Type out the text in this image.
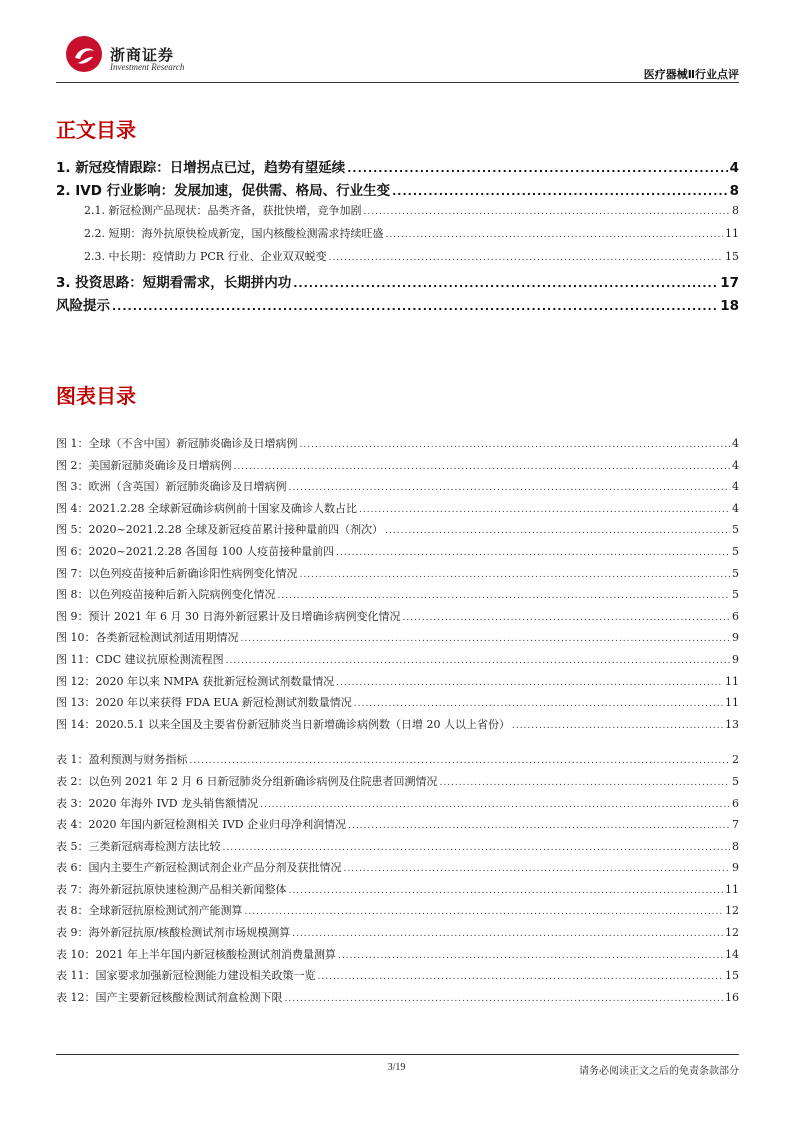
浙商证券
Investment Research
医疗器械Ⅱ行业点评
正文目录
1. 新冠疫情跟踪：日增拐点已过，趋势有望延续 .....	4
2. IVD 行业影响：发展加速，促供需、格局、行业生变 .....	8
2.1. 新冠检测产品现状：品类齐备，获批快增，竞争加剧 .....	8
2.2. 短期：海外抗原快检成新宠，国内核酸检测需求持续旺盛 .....	11
2.3. 中长期：疫情助力 PCR 行业、企业双双蜕变 .....	15
3. 投资思路：短期看需求，长期拼内功 .....	17
风险提示 .....	18
图表目录
图 1：全球（不含中国）新冠肺炎确诊及日增病例 .....	4
图 2：美国新冠肺炎确诊及日增病例 .....	4
图 3：欧洲（含英国）新冠肺炎确诊及日增病例 .....	4
图 4：2021.2.28 全球新冠确诊病例前十国家及确诊人数占比 .....	4
图 5：2020~2021.2.28 全球及新冠疫苗累计接种量前四（剂次） .....	5
图 6：2020~2021.2.28 各国每 100 人疫苗接种量前四 .....	5
图 7：以色列疫苗接种后新确诊阳性病例变化情况 .....	5
图 8：以色列疫苗接种后新入院病例变化情况 .....	5
图 9：预计 2021 年 6 月 30 日海外新冠累计及日增确诊病例变化情况 .....	6
图 10：各类新冠检测试剂适用期情况 .....	9
图 11：CDC 建议抗原检测流程图 .....	9
图 12：2020 年以来 NMPA 获批新冠检测试剂数量情况 .....	11
图 13：2020 年以来获得 FDA EUA 新冠检测试剂数量情况 .....	11
图 14：2020.5.1 以来全国及主要省份新冠肺炎当日新增确诊病例数（日增 20 人以上省份） .....	13
表 1：盈利预测与财务指标 .....	2
表 2：以色列 2021 年 2 月 6 日新冠肺炎分组新确诊病例及住院患者回溯情况 .....	5
表 3：2020 年海外 IVD 龙头销售额情况 .....	6
表 4：2020 年国内新冠检测相关 IVD 企业归母净利润情况 .....	7
表 5：三类新冠病毒检测方法比较 .....	8
表 6：国内主要生产新冠检测试剂企业产品分剂及获批情况 .....	9
表 7：海外新冠抗原快速检测产品相关新闻整体 .....	11
表 8：全球新冠抗原检测试剂产能测算 .....	12
表 9：海外新冠抗原/核酸检测试剂市场规模测算 .....	12
表 10：2021 年上半年国内新冠核酸检测试剂消费量测算 .....	14
表 11：国家要求加强新冠检测能力建设相关政策一览 .....	15
表 12：国产主要新冠核酸检测试剂盒检测下限 .....	16
3/19	请务必阅读正文之后的免责条款部分
